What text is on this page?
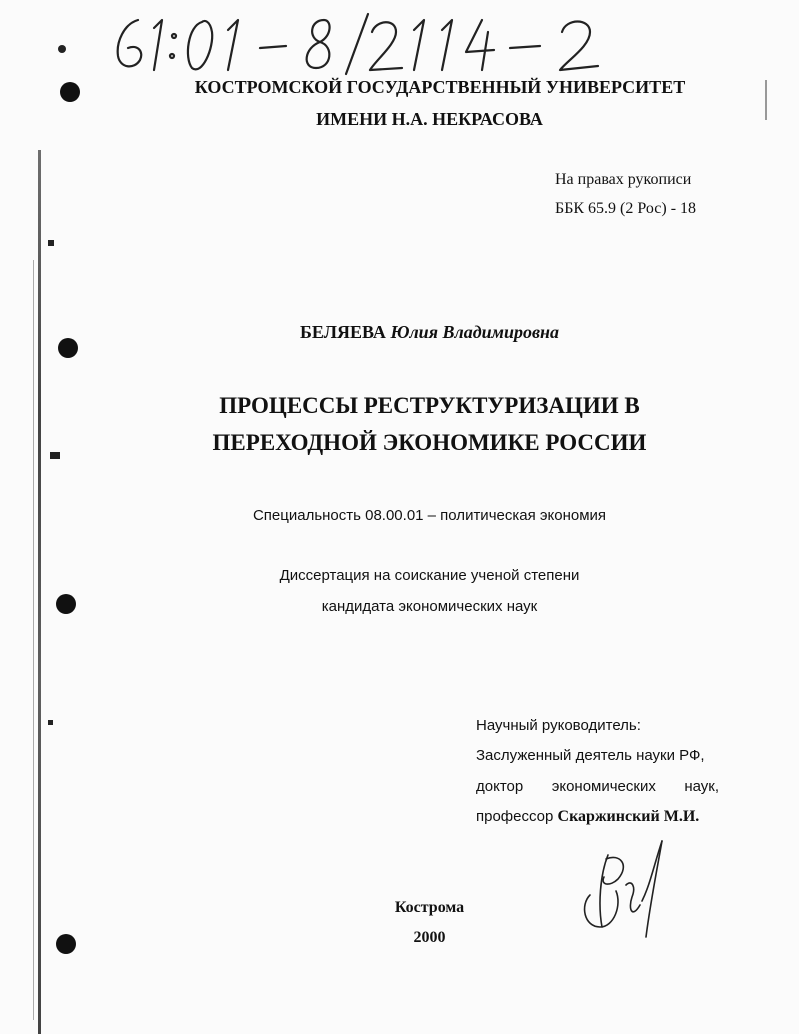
КОСТРОМСКОЙ ГОСУДАРСТВЕННЫЙ УНИВЕРСИТЕТ
ИМЕНИ Н.А. НЕКРАСОВА
На правах рукописи
ББК 65.9 (2 Рос) - 18
БЕЛЯЕВА Юлия Владимировна
ПРОЦЕССЫ РЕСТРУКТУРИЗАЦИИ В
ПЕРЕХОДНОЙ ЭКОНОМИКЕ РОССИИ
Специальность 08.00.01 – политическая экономия
Диссертация на соискание ученой степени
кандидата экономических наук
Научный руководитель:
Заслуженный деятель науки РФ,
доктор экономических наук,
профессор Скаржинский М.И.
Кострома
2000
